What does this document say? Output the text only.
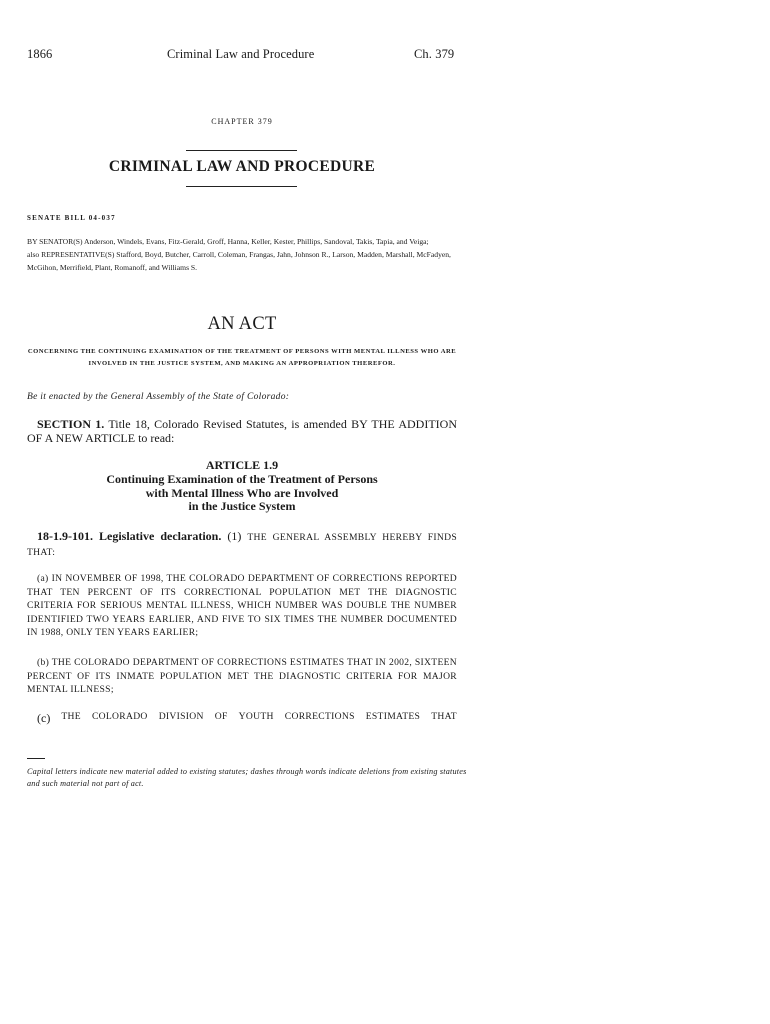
1866	Criminal Law and Procedure	Ch. 379
CHAPTER 379
CRIMINAL LAW AND PROCEDURE
SENATE BILL 04-037
BY SENATOR(S) Anderson, Windels, Evans, Fitz-Gerald, Groff, Hanna, Keller, Kester, Phillips, Sandoval, Takis, Tapia, and Veiga;
also REPRESENTATIVE(S) Stafford, Boyd, Butcher, Carroll, Coleman, Frangas, Jahn, Johnson R., Larson, Madden, Marshall, McFadyen, McGihon, Merrifield, Plant, Romanoff, and Williams S.
AN ACT
CONCERNING THE CONTINUING EXAMINATION OF THE TREATMENT OF PERSONS WITH MENTAL ILLNESS WHO ARE INVOLVED IN THE JUSTICE SYSTEM, AND MAKING AN APPROPRIATION THEREFOR.
Be it enacted by the General Assembly of the State of Colorado:
SECTION 1. Title 18, Colorado Revised Statutes, is amended BY THE ADDITION OF A NEW ARTICLE to read:
ARTICLE 1.9
Continuing Examination of the Treatment of Persons
with Mental Illness Who are Involved
in the Justice System
18-1.9-101. Legislative declaration. (1) THE GENERAL ASSEMBLY HEREBY FINDS THAT:
(a) IN NOVEMBER OF 1998, THE COLORADO DEPARTMENT OF CORRECTIONS REPORTED THAT TEN PERCENT OF ITS CORRECTIONAL POPULATION MET THE DIAGNOSTIC CRITERIA FOR SERIOUS MENTAL ILLNESS, WHICH NUMBER WAS DOUBLE THE NUMBER IDENTIFIED TWO YEARS EARLIER, AND FIVE TO SIX TIMES THE NUMBER DOCUMENTED IN 1988, ONLY TEN YEARS EARLIER;
(b) THE COLORADO DEPARTMENT OF CORRECTIONS ESTIMATES THAT IN 2002, SIXTEEN PERCENT OF ITS INMATE POPULATION MET THE DIAGNOSTIC CRITERIA FOR MAJOR MENTAL ILLNESS;
(c) THE COLORADO DIVISION OF YOUTH CORRECTIONS ESTIMATES THAT
Capital letters indicate new material added to existing statutes; dashes through words indicate deletions from existing statutes and such material not part of act.
